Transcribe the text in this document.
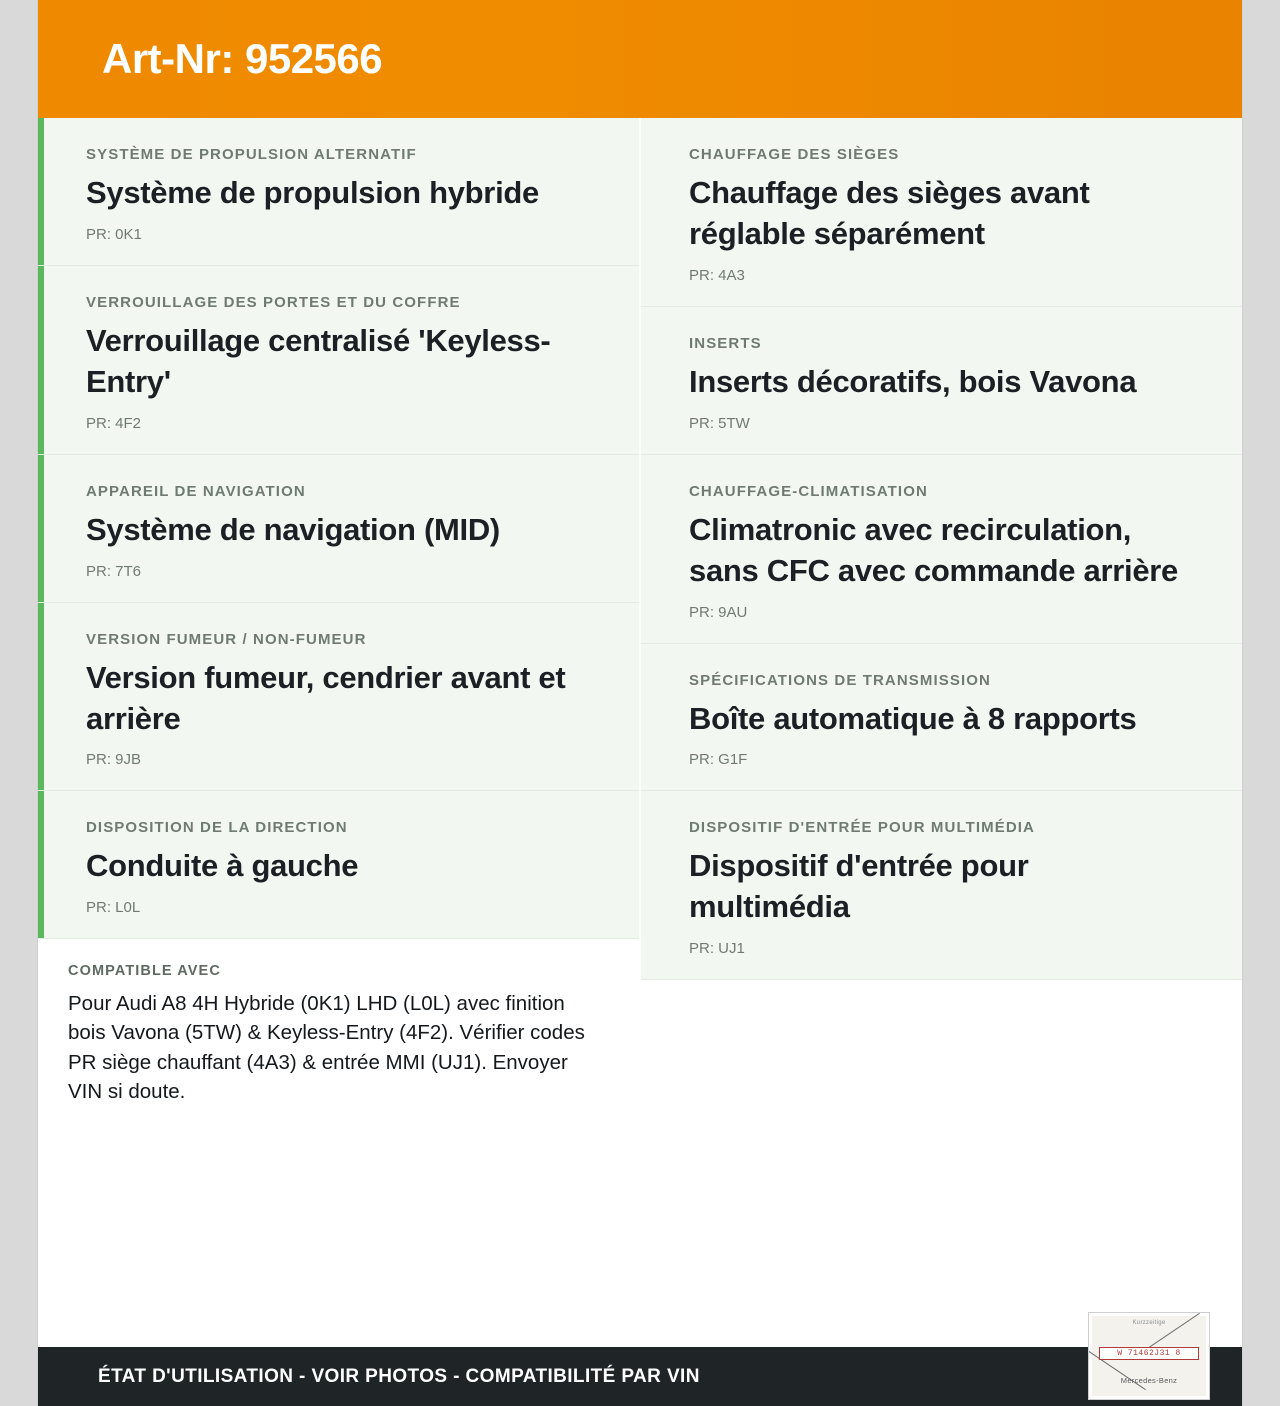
Art-Nr: 952566
SYSTÈME DE PROPULSION ALTERNATIF
Système de propulsion hybride
PR: 0K1
VERROUILLAGE DES PORTES ET DU COFFRE
Verrouillage centralisé 'Keyless-Entry'
PR: 4F2
APPAREIL DE NAVIGATION
Système de navigation (MID)
PR: 7T6
VERSION FUMEUR / NON-FUMEUR
Version fumeur, cendrier avant et arrière
PR: 9JB
DISPOSITION DE LA DIRECTION
Conduite à gauche
PR: L0L
COMPATIBLE AVEC
Pour Audi A8 4H Hybride (0K1) LHD (L0L) avec finition bois Vavona (5TW) & Keyless-Entry (4F2). Vérifier codes PR siège chauffant (4A3) & entrée MMI (UJ1). Envoyer VIN si doute.
CHAUFFAGE DES SIÈGES
Chauffage des sièges avant réglable séparément
PR: 4A3
INSERTS
Inserts décoratifs, bois Vavona
PR: 5TW
CHAUFFAGE-CLIMATISATION
Climatronic avec recirculation, sans CFC avec commande arrière
PR: 9AU
SPÉCIFICATIONS DE TRANSMISSION
Boîte automatique à 8 rapports
PR: G1F
DISPOSITIF D'ENTRÉE POUR MULTIMÉDIA
Dispositif d'entrée pour multimédia
PR: UJ1
ÉTAT D'UTILISATION - VOIR PHOTOS - COMPATIBILITÉ PAR VIN
Kurzzeitige
W 71462J31 8
Mercedes-Benz
